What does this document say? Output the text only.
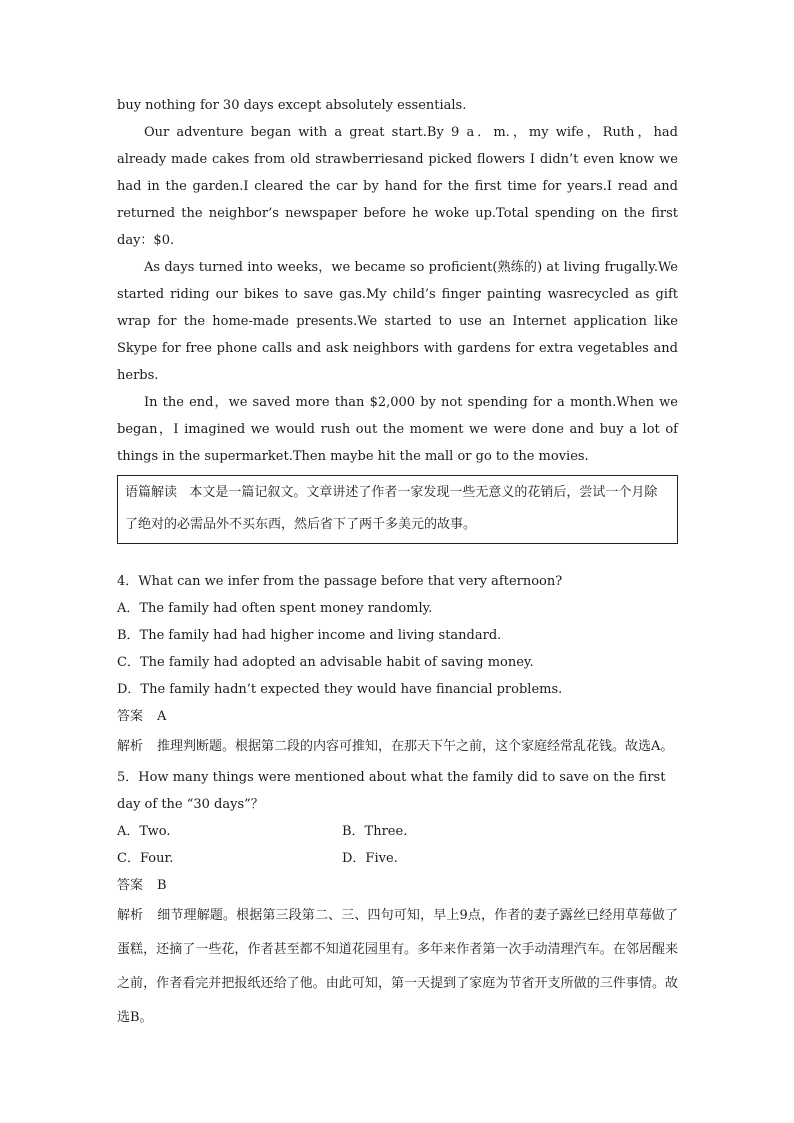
buy nothing for 30 days except absolutely essentials.

Our adventure began with a great start.By 9 a．m.，my wife，Ruth，had already made cakes from old strawberriesand picked flowers I didn’t even know we had in the garden.I cleared the car by hand for the first time for years.I read and returned the neighbor’s newspaper before he woke up.Total spending on the first day：$0.

As days turned into weeks，we became so proficient(熟练的) at living frugally.We started riding our bikes to save gas.My child’s finger painting wasrecycled as gift wrap for the home-made presents.We started to use an Internet application like Skype for free phone calls and ask neighbors with gardens for extra vegetables and herbs.

In the end，we saved more than $2,000 by not spending for a month.When we began，I imagined we would rush out the moment we were done and buy a lot of things in the supermarket.Then maybe hit the mall or go to the movies.

语篇解读 本文是一篇记叙文。文章讲述了作者一家发现一些无意义的花销后，尝试一个月除了绝对的必需品外不买东西，然后省下了两千多美元的故事。

4．What can we infer from the passage before that very afternoon?

A．The family had often spent money randomly.

B．The family had had higher income and living standard.

C．The family had adopted an advisable habit of saving money.

D．The family hadn’t expected they would have financial problems.

答案 A

解析 推理判断题。根据第二段的内容可推知，在那天下午之前，这个家庭经常乱花钱。故选A。

5．How many things were mentioned about what the family did to save on the first day of the “30 days”？

A．Two.	B．Three.

C．Four.	D．Five.

答案 B

解析 细节理解题。根据第三段第二、三、四句可知，早上9点，作者的妻子露丝已经用草莓做了蛋糕，还摘了一些花，作者甚至都不知道花园里有。多年来作者第一次手动清理汽车。在邻居醒来之前，作者看完并把报纸还给了他。由此可知，第一天提到了家庭为节省开支所做的三件事情。故选B。
